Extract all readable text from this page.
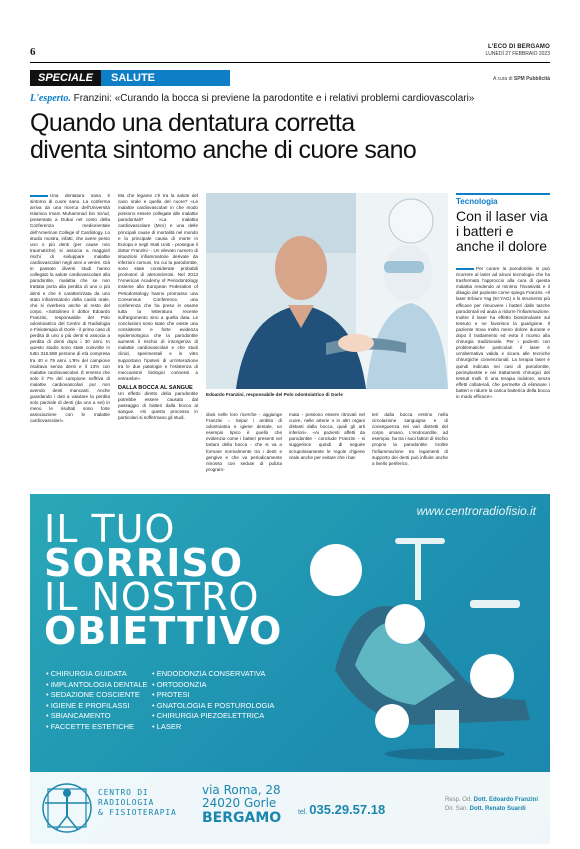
6	L'ECO DI BERGAMO
LUNEDÌ 27 FEBBRAIO 2023
SPECIALE	SALUTE	A cura di SPM Pubblicità
L'esperto. Franzini: «Curando la bocca si previene la parodontite e i relativi problemi cardiovascolari»
Quando una dentatura corretta
diventa sintomo anche di cuore sano
Una dentatura sana è sintomo di cuore sano. La conferma arriva da una ricerca dell'Università Islamica Imam Muhammad bin Sa'ud, presentata a Dubai nel corso della Conferenza mediorientale dell'American College of Cardiology. Lo studio mostra, infatti, che avere perso uno o più denti (per cause non traumatiche) si associa a maggiori rischi di sviluppare malattie cardiovascolari negli anni a venire. Già in passato diversi studi hanno collegato la salute cardiovascolare alla parodontite, malattia che se non trattata porta alla perdita di uno o più denti e che è caratterizzata da uno stato infiammatorio della cavità orale, che si riverbera anche al resto del corpo. «Sottolineo il dottor Edoardo Franzini, responsabile del Polo odontoiatrico del Centro di Radiologia e Fisioterapia di Gorle - il primo caso di perdita di uno o più denti si associa a perdita di denti dopo i 30 anni. In questo studio sono state coinvolte in tutto 316.588 persone di età compresa tra 40 e 79 anni. L'8% del campione risultava senza denti e il 13% con malattie cardiovascolari. È emerso che solo il 7% del campione soffriva di malattie cardiovascolari pur non avendo denti mancanti. Anche guardando i dati a valutare la perdita solo parziale di denti (da uno a sei) in meno le risultati sono forte associazione con le malattie cardiovascolari».
Ma che legame c'è tra la salute del cavo orale e quella del cuore? «Le malattie cardiovascolari in che modo possono essere collegate alle malattie parodontali? «La malattia cardiovascolare (Mcv) e una delle principali cause di mortalità nel mondo e la principale causa di morte in Europa e negli Stati Uniti - prosegue il dottor Franzini -. Un elevato numero di situazioni infiammatorie derivate da infezioni comuni, tra cui la parodontite, sono state considerate probabili promotori di aterosclerosi. Nel 2013 l'American Academy of Periodontology insieme alla European Federation of Periodontology hanno promosso una Consensus Conference, una conferenza che ha preso in esame tutta la letteratura recente sull'argomento sino a quella data. Le conclusioni sono state che esiste una consistente e forte evidenza epidemiologica che la parodontite aumenti il rischio di insorgenza di malattie cardiovascolari e che studi clinici, sperimentali e in vitro supportano l'ipotesi di un'interazione tra le due patologie e l'esistenza di meccanismi biologici connessi a entrambe».
DALLA BOCCA AL SANGUE
Un effetto diretto della parodontite potrebbe essere causato dal passaggio di batteri dalla bocca al sangue. «Si questo processo in particolari si soffermano gli studi.
Edoardo Franzini, responsabile del Polo odontoiatrico di Gorle
diosi nelle loro ricerche - aggiunge Franzini -. Sepur i ambito di odontoiatria e igiene dentale, un esempio tipico è quello che evidenzia come i batteri presenti nel tartaro della bocca - che si va a formare normalmente tra i denti e gengive e che va periodicamente rimosso con sedute di pulizia program-
mata - possono essere ritrovati nel cuore, nelle arterie o in altri organi distanti dalla bocca, quali gli arti inferiori». «Ai pazienti affetti da parodontite - conclude Franzini - si suggerisce quindi di seguire scrupolosamente le regole d'igiene orale anche per evitare che i bat-
teri dalla bocca entrino nella circolazione sanguigna e di conseguenza nei vari distretti del corpo umano. L'endocardite, ad esempio, ha tra i suoi fattori di rischio proprio la parodontite. Inoltre l'infiammazione tra legamenti di supporto dei denti può influire anche a livello periferico.
Tecnologia
Con il laser via i batteri e anche il dolore
Per curare la parodontite si può ricorrere al laser ad alcuni tecnologia che ha trasformato l'approccio alla cura di questa malattia rendendo al minimo l'invasività e il disagio del paziente come spiega Franzini. «Il laser Erbium Yag (Er:YAG) e lo strumento più efficace per rimuovere i batteri dalle tasche parodontali ed aiuta a ridurre l'infiammazione. Inoltre il laser ha effetto biostimolante sul tessuto e ne favorisce la guarigione. Il paziente trova molto meno dolore durante e dopo il trattamento ed evita il ricorso alla chirurgia tradizionale. Per i pazienti con problematiche particolari il laser è un'alternativa valida e sicura alle tecniche chirurgiche convenzionali. La terapia laser è quindi indicata nei casi di parodontite, perimplantite e nei trattamenti chirurgici dei tessuti molli. È una terapia indolore, senza effetti collaterali, che permette di eliminare i batteri e ridurre la carica batterica della bocca in modo efficace».
www.centroradiofisio.it
IL TUO
SORRISO
IL NOSTRO
OBIETTIVO
• CHIRURGIA GUIDATA
• IMPLANTOLOGIA DENTALE
• SEDAZIONE COSCIENTE
• IGIENE E PROFILASSI
• SBIANCAMENTO
• FACCETTE ESTETICHE
• ENDODONZIA CONSERVATIVA
• ORTODONZIA
• PROTESI
• GNATOLOGIA E POSTUROLOGIA
• CHIRURGIA PIEZOELETTRICA
• LASER
CENTRO DI
RADIOLOGIA
& FISIOTERAPIA
via Roma, 28
24020 Gorle
BERGAMO tel. 035.29.57.18
Resp. Od. Dott. Edoardo Franzini
Dir. San. Dott. Renato Suardi
